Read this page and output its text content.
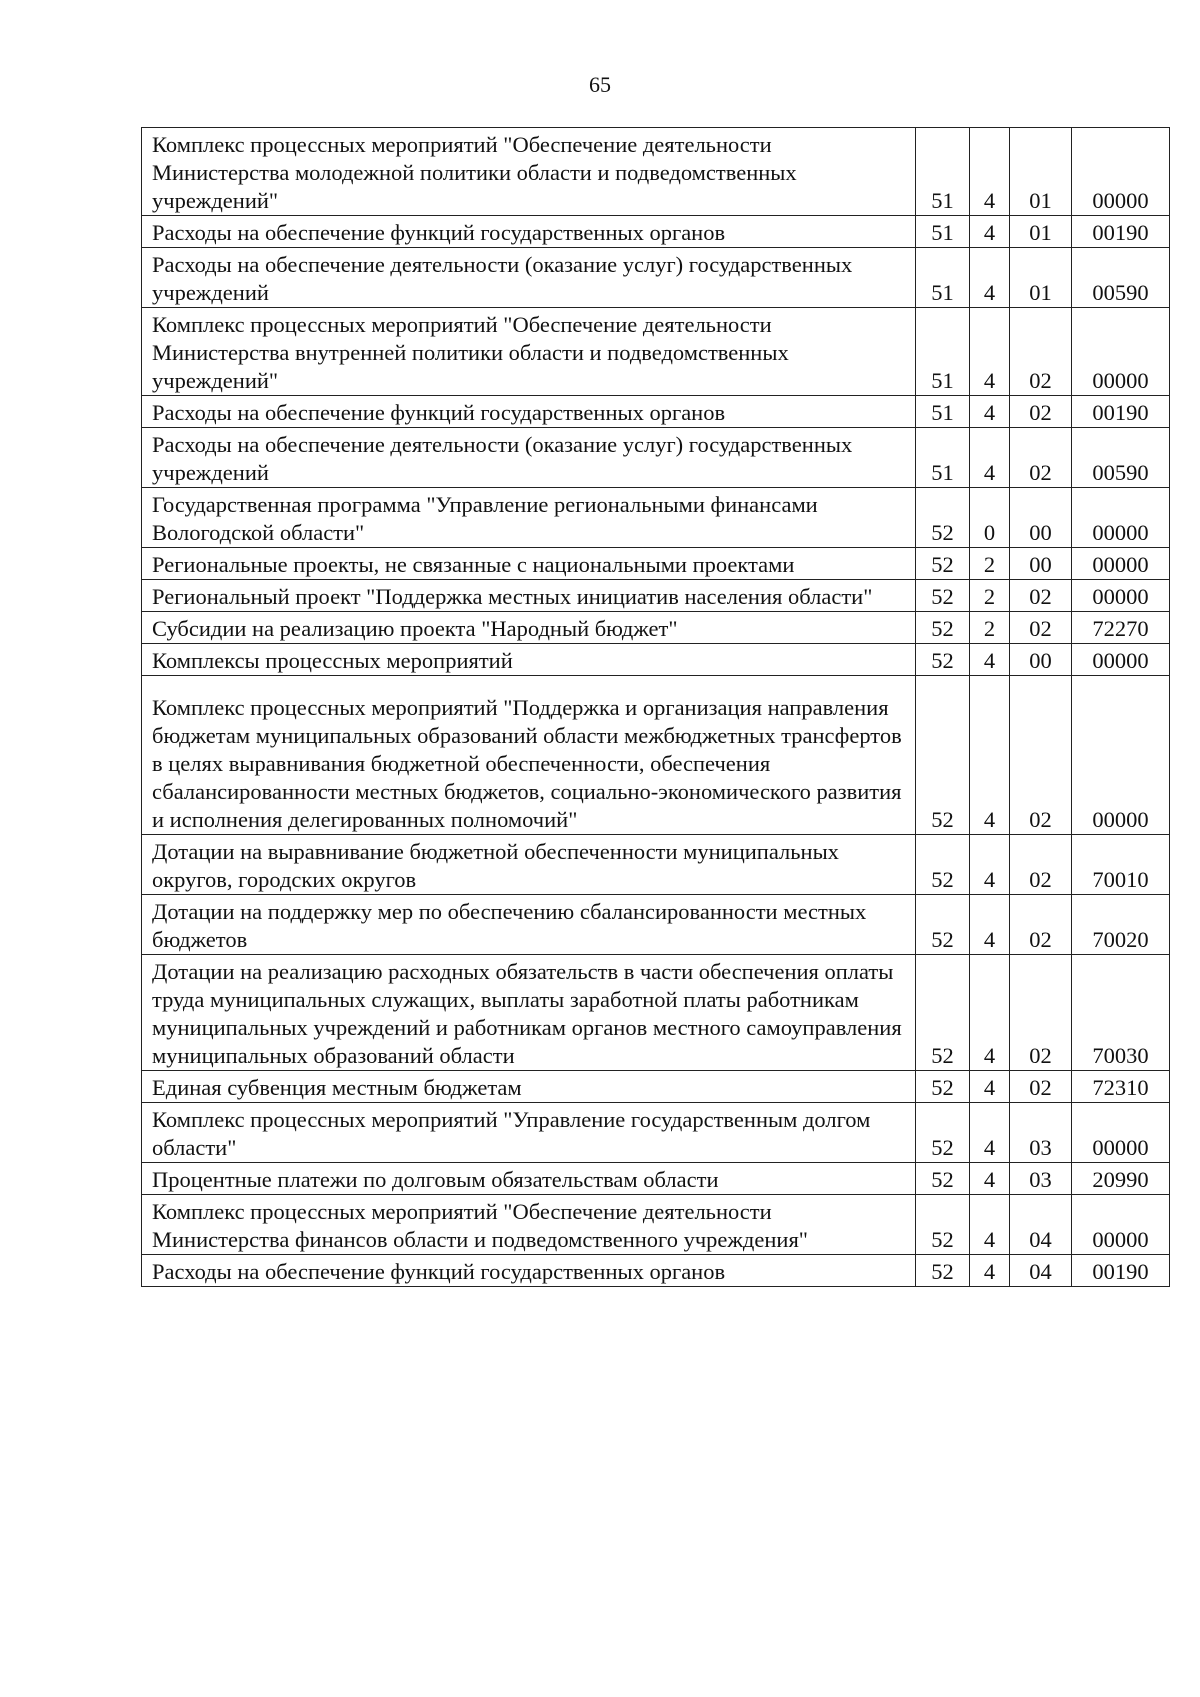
65
Комплекс процессных мероприятий "Обеспечение деятельности Министерства молодежной политики области и подведомственных учреждений"	51	4	01	00000
Расходы на обеспечение функций государственных органов	51	4	01	00190
Расходы на обеспечение деятельности (оказание услуг) государственных учреждений	51	4	01	00590
Комплекс процессных мероприятий "Обеспечение деятельности Министерства внутренней политики области и подведомственных учреждений"	51	4	02	00000
Расходы на обеспечение функций государственных органов	51	4	02	00190
Расходы на обеспечение деятельности (оказание услуг) государственных учреждений	51	4	02	00590
Государственная программа "Управление региональными финансами Вологодской области"	52	0	00	00000
Региональные проекты, не связанные с национальными проектами	52	2	00	00000
Региональный проект "Поддержка местных инициатив населения области"	52	2	02	00000
Субсидии на реализацию проекта "Народный бюджет"	52	2	02	72270
Комплексы процессных мероприятий	52	4	00	00000
Комплекс процессных мероприятий "Поддержка и организация направления бюджетам муниципальных образований области межбюджетных трансфертов в целях выравнивания бюджетной обеспеченности, обеспечения сбалансированности местных бюджетов, социально-экономического развития и исполнения делегированных полномочий"	52	4	02	00000
Дотации на выравнивание бюджетной обеспеченности муниципальных округов, городских округов	52	4	02	70010
Дотации на поддержку мер по обеспечению сбалансированности местных бюджетов	52	4	02	70020
Дотации на реализацию расходных обязательств в части обеспечения оплаты труда муниципальных служащих, выплаты заработной платы работникам муниципальных учреждений и работникам органов местного самоуправления муниципальных образований области	52	4	02	70030
Единая субвенция местным бюджетам	52	4	02	72310
Комплекс процессных мероприятий "Управление государственным долгом области"	52	4	03	00000
Процентные платежи по долговым обязательствам области	52	4	03	20990
Комплекс процессных мероприятий "Обеспечение деятельности Министерства финансов области и подведомственного учреждения"	52	4	04	00000
Расходы на обеспечение функций государственных органов	52	4	04	00190
